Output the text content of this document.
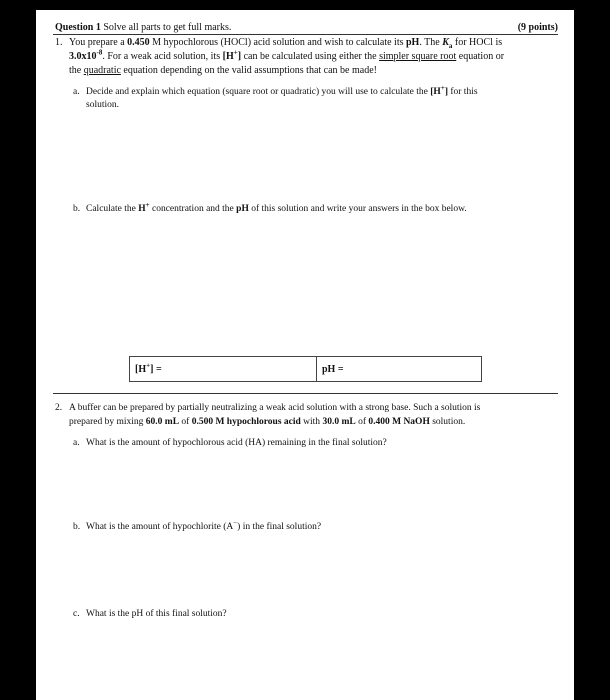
Question 1 Solve all parts to get full marks.	(9 points)
1. You prepare a 0.450 M hypochlorous (HOCl) acid solution and wish to calculate its pH. The $K_a$ for HOCl is
$3.0x10^{-8}$. For a weak acid solution, its [H+] can be calculated using either the simpler square root equation or
the quadratic equation depending on the valid assumptions that can be made!
a. Decide and explain which equation (square root or quadratic) you will use to calculate the [H+] for this
solution.
b. Calculate the H+ concentration and the pH of this solution and write your answers in the box below.
[H+] =	pH =
2. A buffer can be prepared by partially neutralizing a weak acid solution with a strong base. Such a solution is
prepared by mixing 60.0 mL of 0.500 M hypochlorous acid with 30.0 mL of 0.400 M NaOH solution.
a. What is the amount of hypochlorous acid (HA) remaining in the final solution?
b. What is the amount of hypochlorite (A−) in the final solution?
c. What is the pH of this final solution?
